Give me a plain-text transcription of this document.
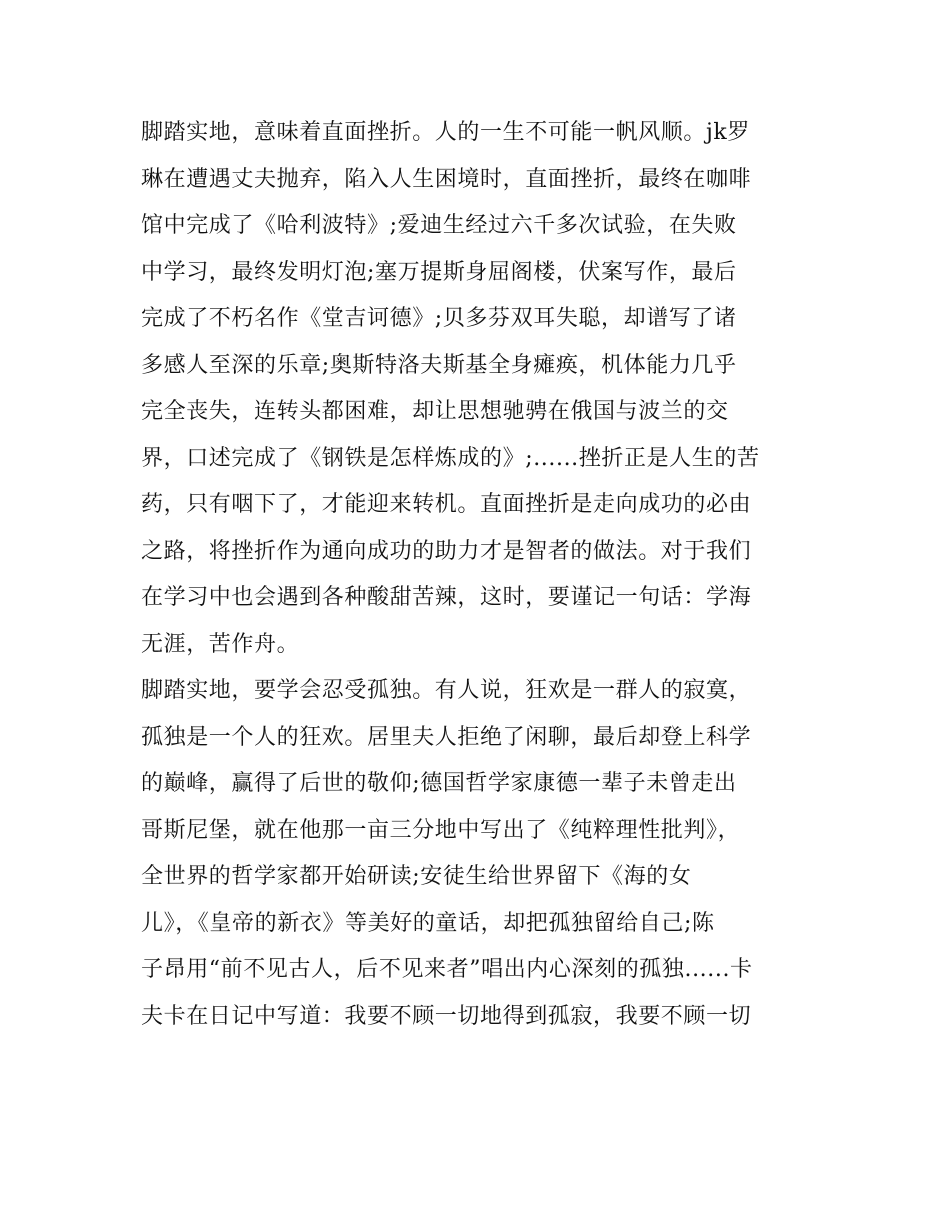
脚踏实地，意味着直面挫折。人的一生不可能一帆风顺。jk罗
琳在遭遇丈夫抛弃，陷入人生困境时，直面挫折，最终在咖啡
馆中完成了《哈利波特》;爱迪生经过六千多次试验，在失败
中学习，最终发明灯泡;塞万提斯身屈阁楼，伏案写作，最后
完成了不朽名作《堂吉诃德》;贝多芬双耳失聪，却谱写了诸
多感人至深的乐章;奥斯特洛夫斯基全身瘫痪，机体能力几乎
完全丧失，连转头都困难，却让思想驰骋在俄国与波兰的交
界，口述完成了《钢铁是怎样炼成的》;......挫折正是人生的苦
药，只有咽下了，才能迎来转机。直面挫折是走向成功的必由
之路，将挫折作为通向成功的助力才是智者的做法。对于我们
在学习中也会遇到各种酸甜苦辣，这时，要谨记一句话：学海
无涯，苦作舟。
脚踏实地，要学会忍受孤独。有人说，狂欢是一群人的寂寞，
孤独是一个人的狂欢。居里夫人拒绝了闲聊，最后却登上科学
的巅峰，赢得了后世的敬仰;德国哲学家康德一辈子未曾走出
哥斯尼堡，就在他那一亩三分地中写出了《纯粹理性批判》，
全世界的哲学家都开始研读;安徒生给世界留下《海的女
儿》，《皇帝的新衣》等美好的童话，却把孤独留给自己;陈
子昂用“前不见古人，后不见来者”唱出内心深刻的孤独......卡
夫卡在日记中写道：我要不顾一切地得到孤寂，我要不顾一切
